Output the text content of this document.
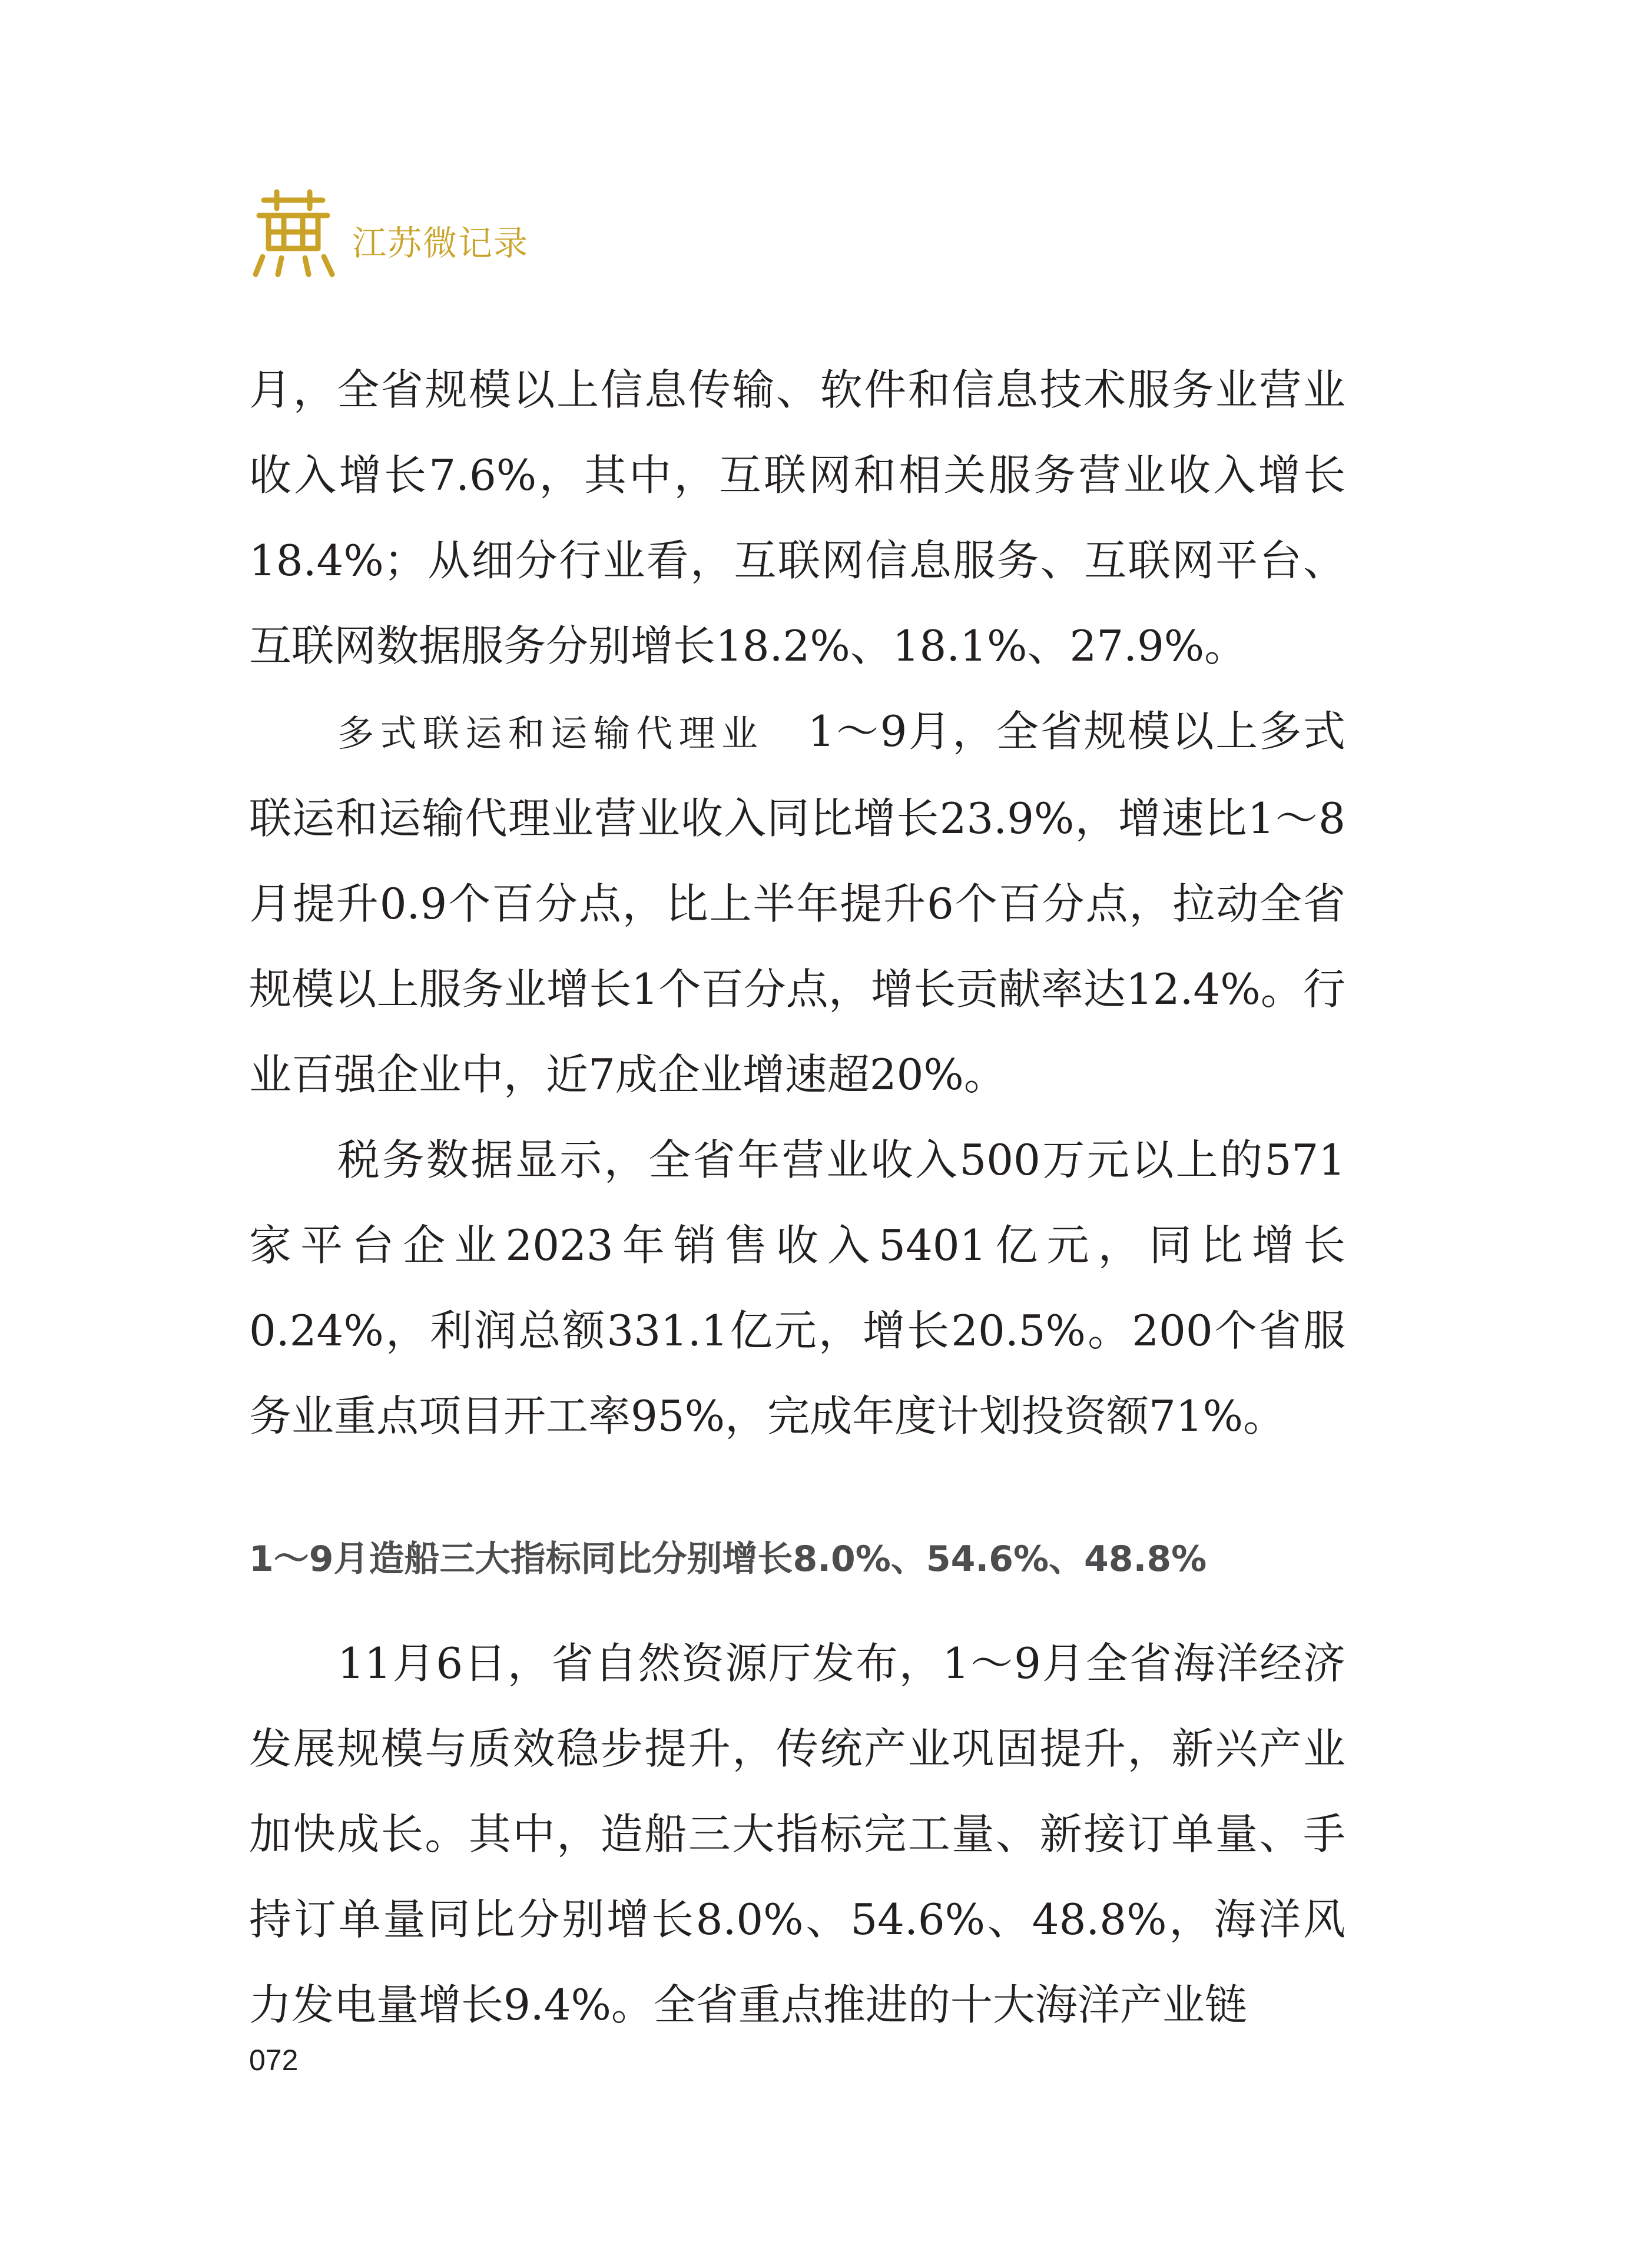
江苏微记录

月，全省规模以上信息传输、软件和信息技术服务业营业收入增长7.6%，其中，互联网和相关服务营业收入增长18.4%；从细分行业看，互联网信息服务、互联网平台、互联网数据服务分别增长18.2%、18.1%、27.9%。

多式联运和运输代理业　 1～9月，全省规模以上多式联运和运输代理业营业收入同比增长23.9%，增速比1～8月提升0.9个百分点，比上半年提升6个百分点，拉动全省规模以上服务业增长1个百分点，增长贡献率达12.4%。行业百强企业中，近7成企业增速超20%。

税务数据显示，全省年营业收入500万元以上的571家平台企业2023年销售收入5401亿元，同比增长0.24%，利润总额331.1亿元，增长20.5%。200个省服务业重点项目开工率95%，完成年度计划投资额71%。

1～9月造船三大指标同比分别增长8.0%、54.6%、48.8%

11月6日，省自然资源厅发布，1～9月全省海洋经济发展规模与质效稳步提升，传统产业巩固提升，新兴产业加快成长。其中，造船三大指标完工量、新接订单量、手持订单量同比分别增长8.0%、54.6%、48.8%，海洋风力发电量增长9.4%。全省重点推进的十大海洋产业链

072
